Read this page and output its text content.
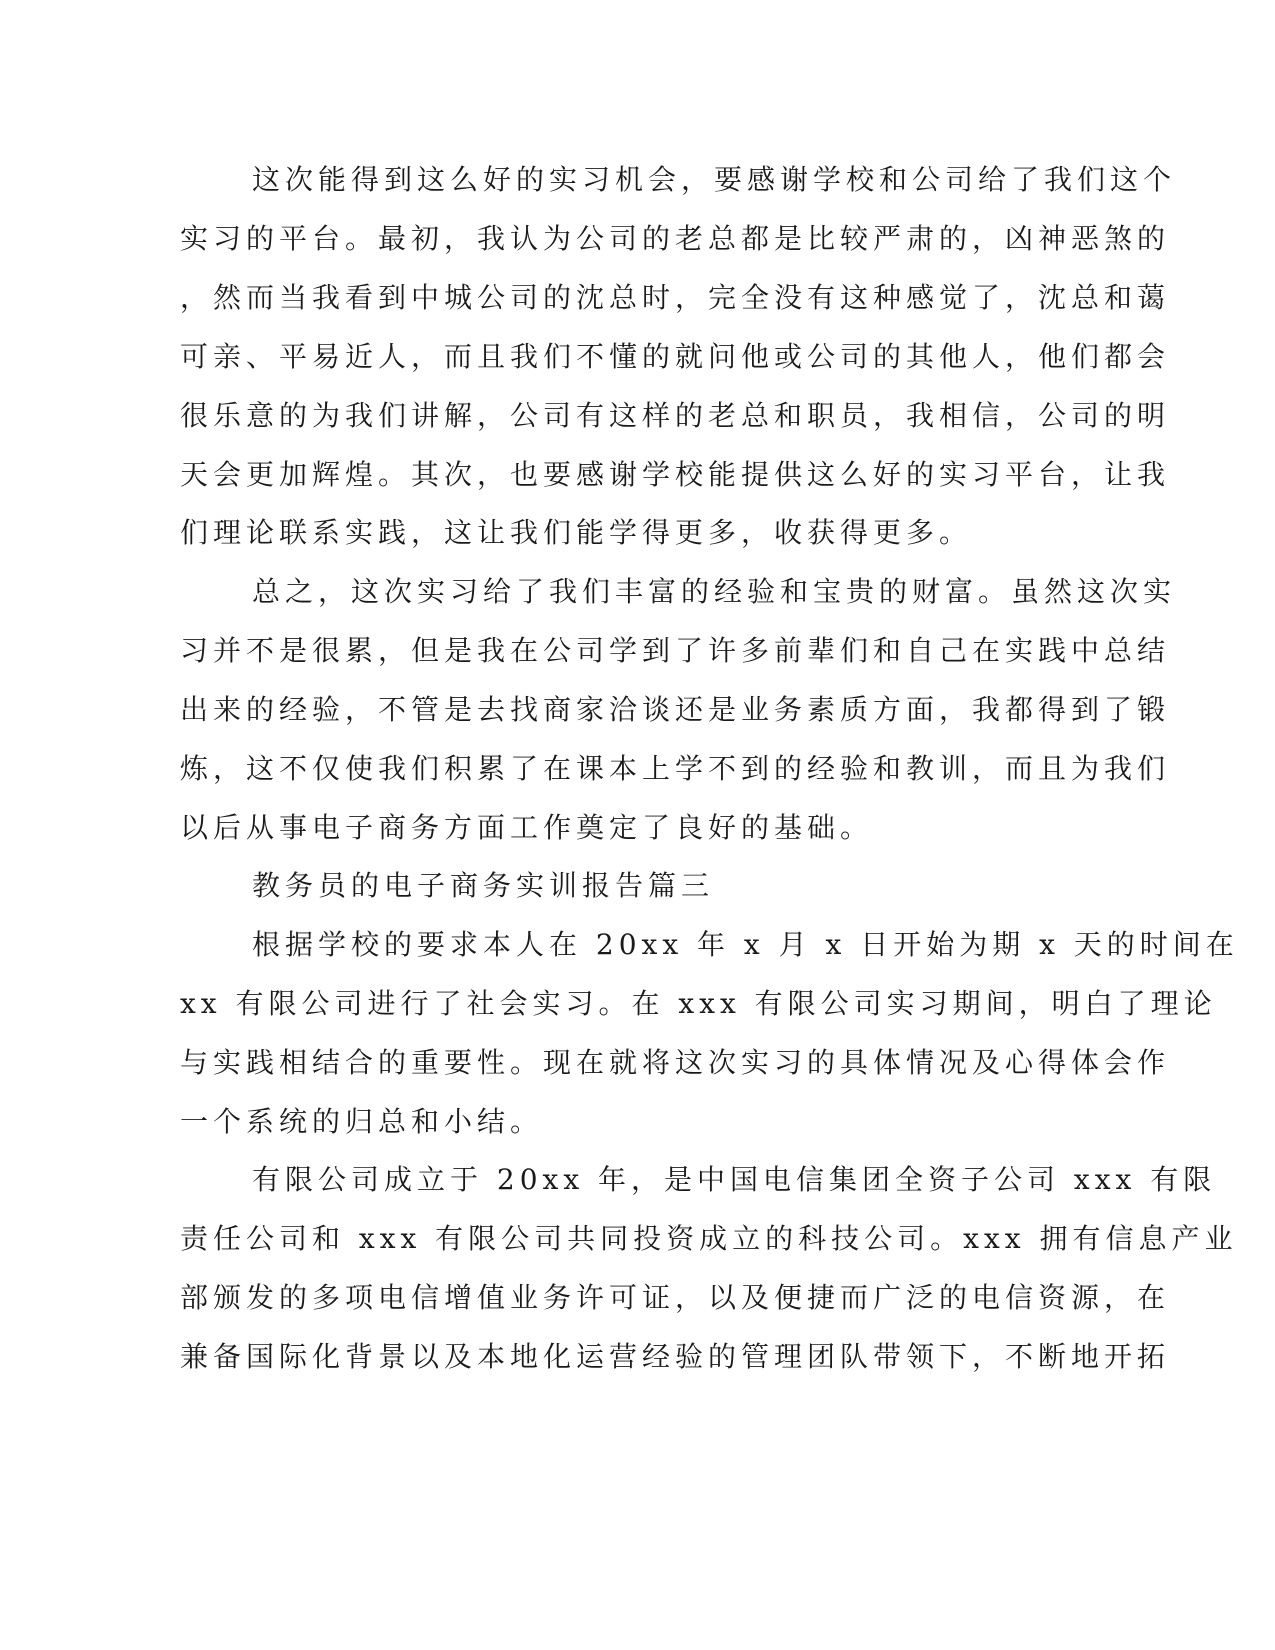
这次能得到这么好的实习机会，要感谢学校和公司给了我们这个
实习的平台。最初，我认为公司的老总都是比较严肃的，凶神恶煞的
，然而当我看到中城公司的沈总时，完全没有这种感觉了，沈总和蔼
可亲、平易近人，而且我们不懂的就问他或公司的其他人，他们都会
很乐意的为我们讲解，公司有这样的老总和职员，我相信，公司的明
天会更加辉煌。其次，也要感谢学校能提供这么好的实习平台，让我
们理论联系实践，这让我们能学得更多，收获得更多。
总之，这次实习给了我们丰富的经验和宝贵的财富。虽然这次实
习并不是很累，但是我在公司学到了许多前辈们和自己在实践中总结
出来的经验，不管是去找商家洽谈还是业务素质方面，我都得到了锻
炼，这不仅使我们积累了在课本上学不到的经验和教训，而且为我们
以后从事电子商务方面工作奠定了良好的基础。
教务员的电子商务实训报告篇三
根据学校的要求本人在 20xx 年 x 月 x 日开始为期 x 天的时间在
xx 有限公司进行了社会实习。在 xxx 有限公司实习期间，明白了理论
与实践相结合的重要性。现在就将这次实习的具体情况及心得体会作
一个系统的归总和小结。
有限公司成立于 20xx 年，是中国电信集团全资子公司 xxx 有限
责任公司和 xxx 有限公司共同投资成立的科技公司。xxx 拥有信息产业
部颁发的多项电信增值业务许可证，以及便捷而广泛的电信资源，在
兼备国际化背景以及本地化运营经验的管理团队带领下，不断地开拓
